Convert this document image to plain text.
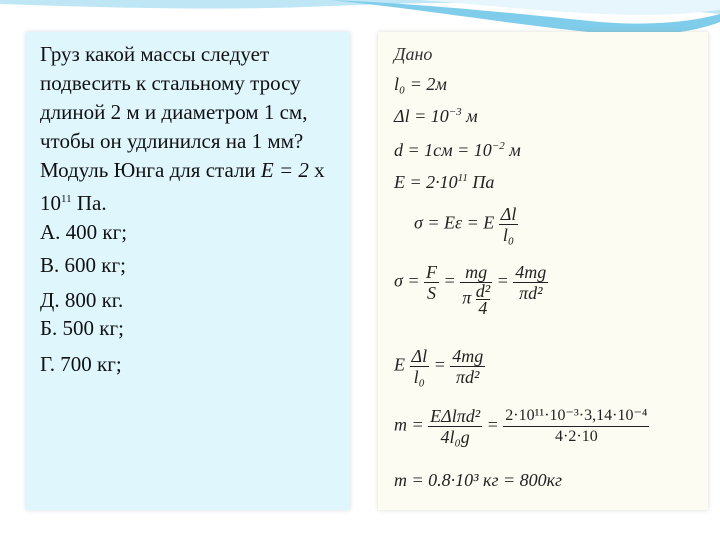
Груз какой массы следует подвесить к стальному тросу длиной 2 м и диаметром 1 см, чтобы он удлинился на 1 мм? Модуль Юнга для стали E = 2 x $10^{11}$ Па.
А. 400 кг;
В. 600 кг;
Д. 800 кг.
Б. 500 кг;
Г. 700 кг;
Дано
l₀ = 2м
$\Delta l = 10^{-3}$ м
$d = 1см = 10^{-2}$ м
$E = 2\cdot 10^{11}$ Па
σ = Eε = E $\frac{\Delta l}{\text{l₀}}$
$\sigma = \frac{F}{S} = \frac{mg}{\pi \frac{\text{d²}}{4}} = \frac{4mg}{\text{πd²}}$
E $\frac{\Delta l}{\text{l₀}} = \frac{4mg}{\text{πd²}}$
$m = \frac{\text{EΔlπd²}}{\text{4l₀g}} = \frac{\text{2·10¹¹·10⁻³·3,14·10⁻⁴}}{4\cdot 2\cdot 10}$
m = 0.8·10³ кг = 800кг
